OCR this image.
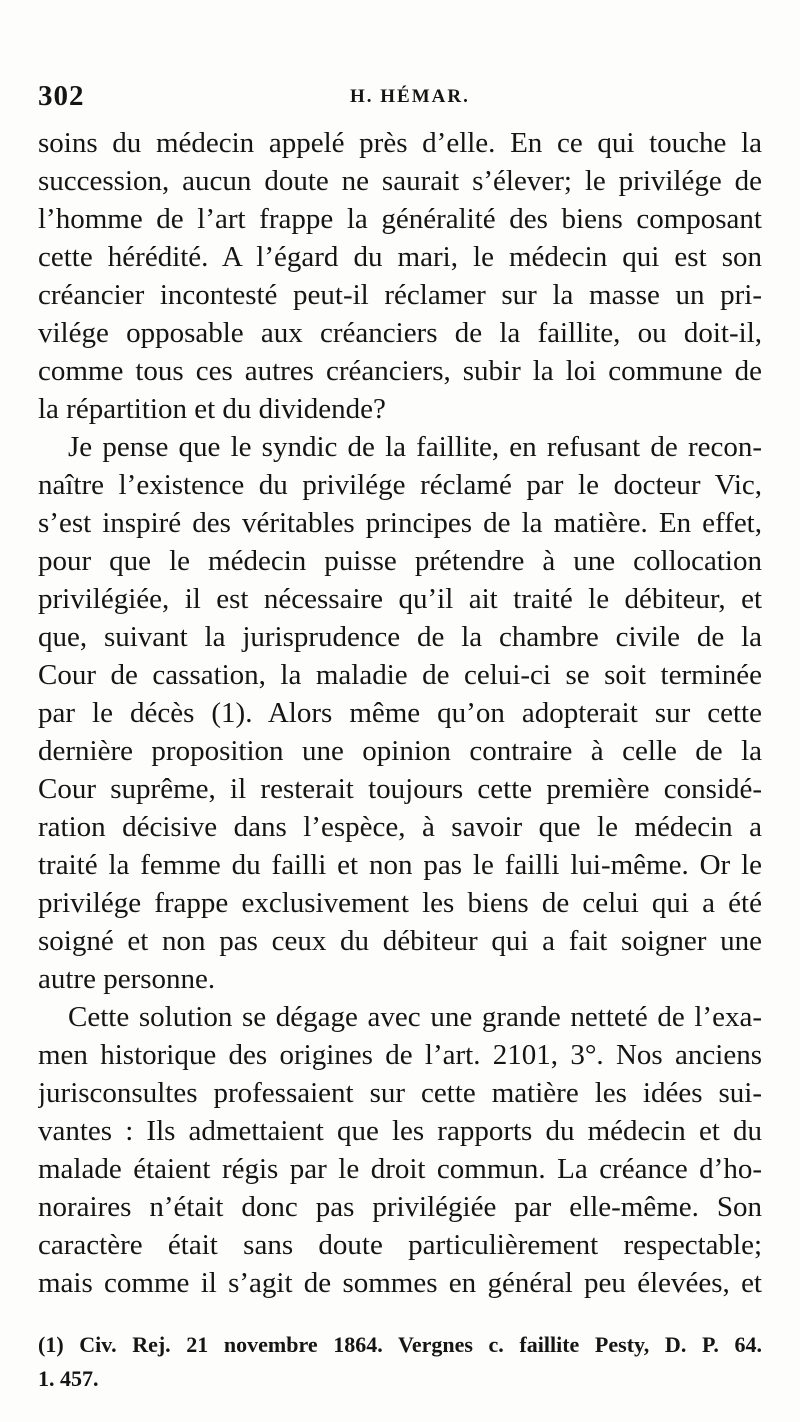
302	H. HÉMAR.
soins du médecin appelé près d’elle. En ce qui touche la
succession, aucun doute ne saurait s’élever; le privilége de
l’homme de l’art frappe la généralité des biens composant
cette hérédité. A l’égard du mari, le médecin qui est son
créancier incontesté peut-il réclamer sur la masse un pri-
vilége opposable aux créanciers de la faillite, ou doit-il,
comme tous ces autres créanciers, subir la loi commune de
la répartition et du dividende?
Je pense que le syndic de la faillite, en refusant de recon-
naître l’existence du privilége réclamé par le docteur Vic,
s’est inspiré des véritables principes de la matière. En effet,
pour que le médecin puisse prétendre à une collocation
privilégiée, il est nécessaire qu’il ait traité le débiteur, et
que, suivant la jurisprudence de la chambre civile de la
Cour de cassation, la maladie de celui-ci se soit terminée
par le décès (1). Alors même qu’on adopterait sur cette
dernière proposition une opinion contraire à celle de la
Cour suprême, il resterait toujours cette première considé-
ration décisive dans l’espèce, à savoir que le médecin a
traité la femme du failli et non pas le failli lui-même. Or le
privilége frappe exclusivement les biens de celui qui a été
soigné et non pas ceux du débiteur qui a fait soigner une
autre personne.
Cette solution se dégage avec une grande netteté de l’exa-
men historique des origines de l’art. 2101, 3°. Nos anciens
jurisconsultes professaient sur cette matière les idées sui-
vantes : Ils admettaient que les rapports du médecin et du
malade étaient régis par le droit commun. La créance d’ho-
noraires n’était donc pas privilégiée par elle-même. Son
caractère était sans doute particulièrement respectable;
mais comme il s’agit de sommes en général peu élevées, et
(1) Civ. Rej. 21 novembre 1864. Vergnes c. faillite Pesty, D. P. 64.
1. 457.
